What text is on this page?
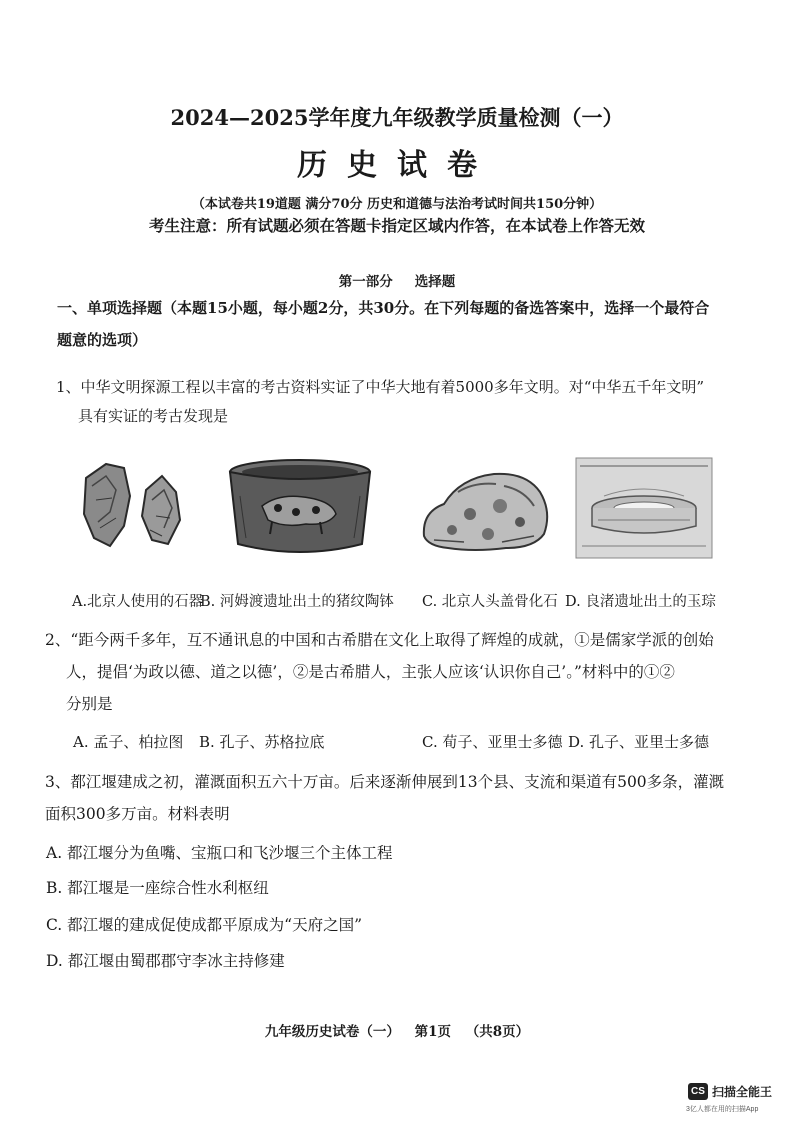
2024—2025学年度九年级教学质量检测（一）
历史试卷
（本试卷共19道题 满分70分 历史和道德与法治考试时间共150分钟）
考生注意：所有试题必须在答题卡指定区域内作答，在本试卷上作答无效
第一部分 选择题
一、单项选择题（本题15小题，每小题2分，共30分。在下列每题的备选答案中，选择一个最符合
题意的选项）
1、中华文明探源工程以丰富的考古资料实证了中华大地有着5000多年文明。对“中华五千年文明”
具有实证的考古发现是
A.北京人使用的石器
B. 河姆渡遗址出土的猪纹陶钵 C. 北京人头盖骨化石 D. 良渚遗址出土的玉琮
2、“距今两千多年，互不通讯息的中国和古希腊在文化上取得了辉煌的成就，①是儒家学派的创始
人，提倡‘为政以德、道之以德’，②是古希腊人，主张人应该‘认识你自己’。”材料中的①②
分别是
A. 孟子、柏拉图 B. 孔子、苏格拉底	C. 荀子、亚里士多德 D. 孔子、亚里士多德
3、都江堰建成之初，灌溉面积五六十万亩。后来逐渐伸展到13个县、支流和渠道有500多条，灌溉
面积300多万亩。材料表明
A. 都江堰分为鱼嘴、宝瓶口和飞沙堰三个主体工程
B. 都江堰是一座综合性水利枢纽
C. 都江堰的建成促使成都平原成为“天府之国”
D. 都江堰由蜀郡郡守李冰主持修建
九年级历史试卷（一） 第1页 （共8页）
CS 扫描全能王
3亿人都在用的扫描App
